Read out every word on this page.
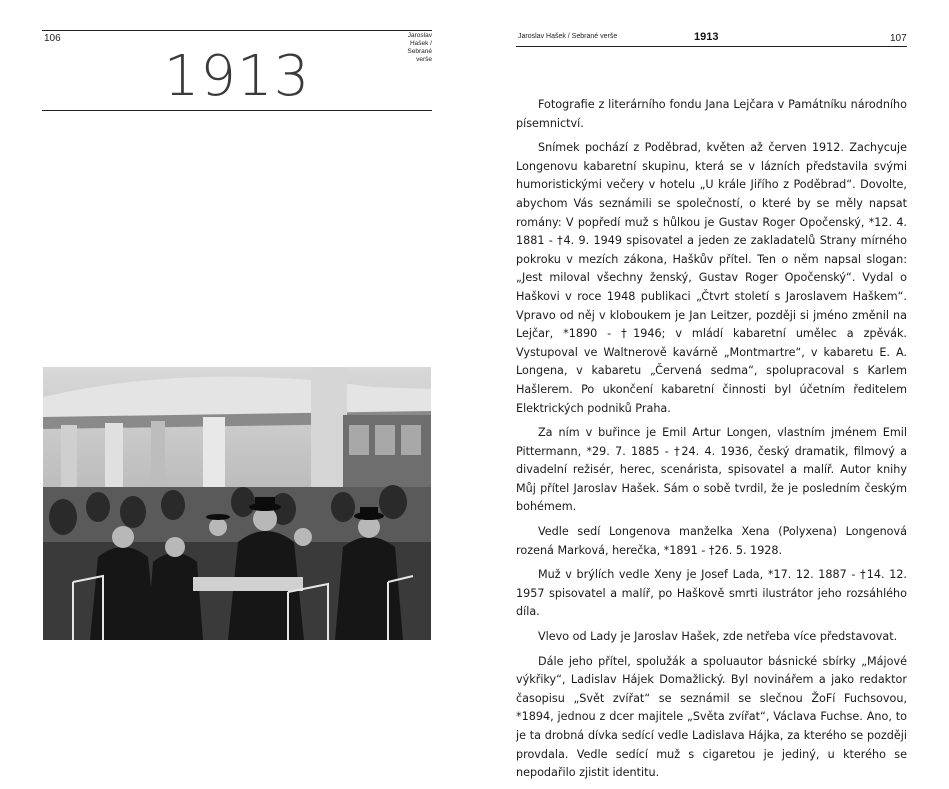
106	Jaroslav
Hašek /
Sebrané
verše
1913
Jaroslav Hašek / Sebrané verše	1913	107

Fotografie z literárního fondu Jana Lejčara v Památníku národního písemnictví.

Snímek pochází z Poděbrad, květen až červen 1912. Zachycuje Longenovu kabaretní skupinu, která se v lázních představila svými humoristickými večery v hotelu „U krále Jiřího z Poděbrad“. Dovolte, abychom Vás seznámili se společností, o které by se měly napsat romány: V popředí muž s hůlkou je Gustav Roger Opočenský, *12. 4. 1881 - †4. 9. 1949 spisovatel a jeden ze zakladatelů Strany mírného pokroku v mezích zákona, Haškův přítel. Ten o něm napsal slogan: „Jest miloval všechny ženský, Gustav Roger Opočenský“. Vydal o Haškovi v roce 1948 publikaci „Čtvrt století s Jaroslavem Haškem“. Vpravo od něj v kloboukem je Jan Leitzer, později si jméno změnil na Lejčar, *1890 - †1946; v mládí kabaretní umělec a zpěvák. Vystupoval ve Waltnerově kavárně „Montmartre“, v kabaretu E. A. Longena, v kabaretu „Červená sedma“, spolupracoval s Karlem Hašlerem. Po ukončení kabaretní činnosti byl účetním ředitelem Elektrických podniků Praha.

Za ním v buřince je Emil Artur Longen, vlastním jménem Emil Pittermann, *29. 7. 1885 - †24. 4. 1936, český dramatik, filmový a divadelní režisér, herec, scenárista, spisovatel a malíř. Autor knihy Můj přítel Jaroslav Hašek. Sám o sobě tvrdil, že je posledním českým bohémem.

Vedle sedí Longenova manželka Xena (Polyxena) Longenová rozená Marková, herečka, *1891 - †26. 5. 1928.

Muž v brýlích vedle Xeny je Josef Lada, *17. 12. 1887 - †14. 12. 1957 spisovatel a malíř, po Haškově smrti ilustrátor jeho rozsáhlého díla.

Vlevo od Lady je Jaroslav Hašek, zde netřeba více představovat.

Dále jeho přítel, spolužák a spoluautor básnické sbírky „Májové výkřiky“, Ladislav Hájek Domažlický. Byl novinářem a jako redaktor časopisu „Svět zvířat“ se seznámil se slečnou ŽoFí Fuchsovou, *1894, jednou z dcer majitele „Světa zvířat“, Václava Fuchse. Ano, to je ta drobná dívka sedící vedle Ladislava Hájka, za kterého se později provdala. Vedle sedící muž s cigaretou je jediný, u kterého se nepodařilo zjistit identitu.
